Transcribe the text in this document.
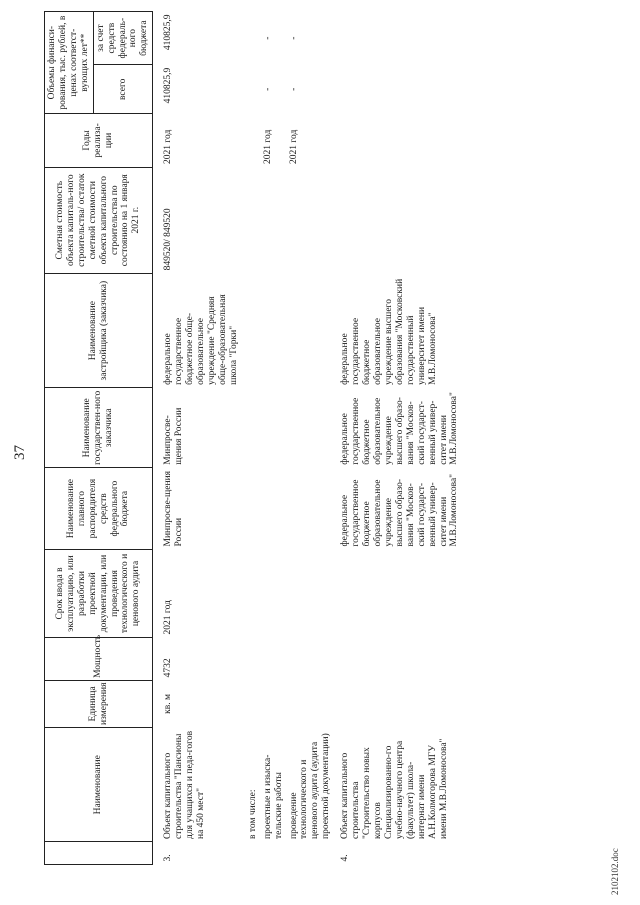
37
	Наименование	Единица измерения	Мощность	Срок ввода в эксплуатацию, или разработки проектной документации, или проведения технологического и ценового аудита	Наименование главного распорядителя средств федерального бюджета	Наименование государствен-ного заказчика	Наименование застройщика (заказчика)	Сметная стоимость объекта капиталь-ного строительства/ остаток сметной стоимости объекта капитального строительства по состоянию на 1 января 2021 г.	Годы реализа-ции	Объемы финанси-рования, тыс. рублей, в ценах соответст-вующих лет**	
										всего	за счет средств федераль-ного бюджета
3.	Объект капитального строительства "Пансионы для учащихся и педа-гогов на 450 мест"	кв. м	4732	2021 год	Минпросве-щения России	Минпросве-щения России	федеральное государственное бюджетное обще-образовательное учреждение "Средняя обще-образовательная школа "Горки"	849520/ 849520	2021 год	410825,9	410825,9
	в том числе:										
	проектные и изыска-тельские работы								2021 год	-	-
	проведение технологического и ценового аудита (аудита проектной документации)								2021 год	-	-
4.	Объект капитального строительства "Строительство новых корпусов Специализированно-го учебно-научного центра (факультет) школа-интернат имени А.Н.Колмогорова МГУ имени М.В.Ломоносова"				федеральное государственное бюджетное образовательное учреждение высшего образо-вания "Москов-ский государст-венный универ-ситет имени М.В.Ломоносова"	федеральное государственное бюджетное образовательное учреждение высшего образо-вания "Москов-ский государст-венный универ-ситет имени М.В.Ломоносова"	федеральное государственное бюджетное образовательное учреждение высшего образования "Московский государственный университет имени М.В.Ломоносова"				
2102102.doc
